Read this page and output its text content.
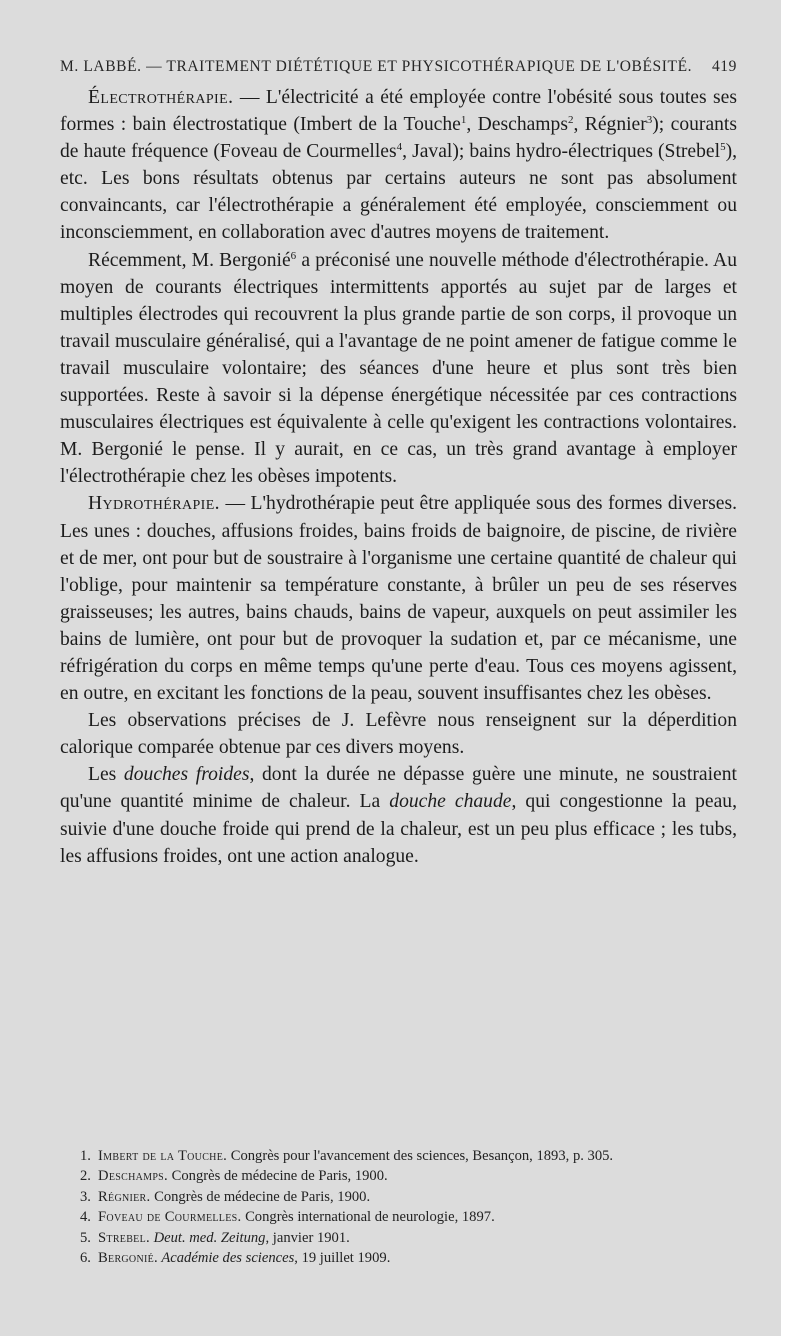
M. LABBÉ. — TRAITEMENT DIÉTÉTIQUE ET PHYSICOTHÉRAPIQUE DE L'OBÉSITÉ. 419

Électrothérapie. — L'électricité a été employée contre l'obésité sous toutes ses formes : bain électrostatique (Imbert de la Touche$^1$, Deschamps$^2$, Régnier$^3$); courants de haute fréquence (Foveau de Courmelles$^4$, Javal); bains hydro-électriques (Strebel$^5$), etc. Les bons résultats obtenus par certains auteurs ne sont pas absolument convaincants, car l'électrothérapie a généralement été employée, consciemment ou inconsciemment, en collaboration avec d'autres moyens de traitement.

Récemment, M. Bergonié$^6$ a préconisé une nouvelle méthode d'électrothérapie. Au moyen de courants électriques intermittents apportés au sujet par de larges et multiples électrodes qui recouvrent la plus grande partie de son corps, il provoque un travail musculaire généralisé, qui a l'avantage de ne point amener de fatigue comme le travail musculaire volontaire; des séances d'une heure et plus sont très bien supportées. Reste à savoir si la dépense énergétique nécessitée par ces contractions musculaires électriques est équivalente à celle qu'exigent les contractions volontaires. M. Bergonié le pense. Il y aurait, en ce cas, un très grand avantage à employer l'électrothérapie chez les obèses impotents.

Hydrothérapie. — L'hydrothérapie peut être appliquée sous des formes diverses. Les unes : douches, affusions froides, bains froids de baignoire, de piscine, de rivière et de mer, ont pour but de soustraire à l'organisme une certaine quantité de chaleur qui l'oblige, pour maintenir sa température constante, à brûler un peu de ses réserves graisseuses; les autres, bains chauds, bains de vapeur, auxquels on peut assimiler les bains de lumière, ont pour but de provoquer la sudation et, par ce mécanisme, une réfrigération du corps en même temps qu'une perte d'eau. Tous ces moyens agissent, en outre, en excitant les fonctions de la peau, souvent insuffisantes chez les obèses.

Les observations précises de J. Lefèvre nous renseignent sur la déperdition calorique comparée obtenue par ces divers moyens.

Les douches froides, dont la durée ne dépasse guère une minute, ne soustraient qu'une quantité minime de chaleur. La douche chaude, qui congestionne la peau, suivie d'une douche froide qui prend de la chaleur, est un peu plus efficace ; les tubs, les affusions froides, ont une action analogue.

1. Imbert de la Touche. Congrès pour l'avancement des sciences, Besançon, 1893, p. 305.
2. Deschamps. Congrès de médecine de Paris, 1900.
3. Régnier. Congrès de médecine de Paris, 1900.
4. Foveau de Courmelles. Congrès international de neurologie, 1897.
5. Strebel. Deut. med. Zeitung, janvier 1901.
6. Bergonié. Académie des sciences, 19 juillet 1909.
